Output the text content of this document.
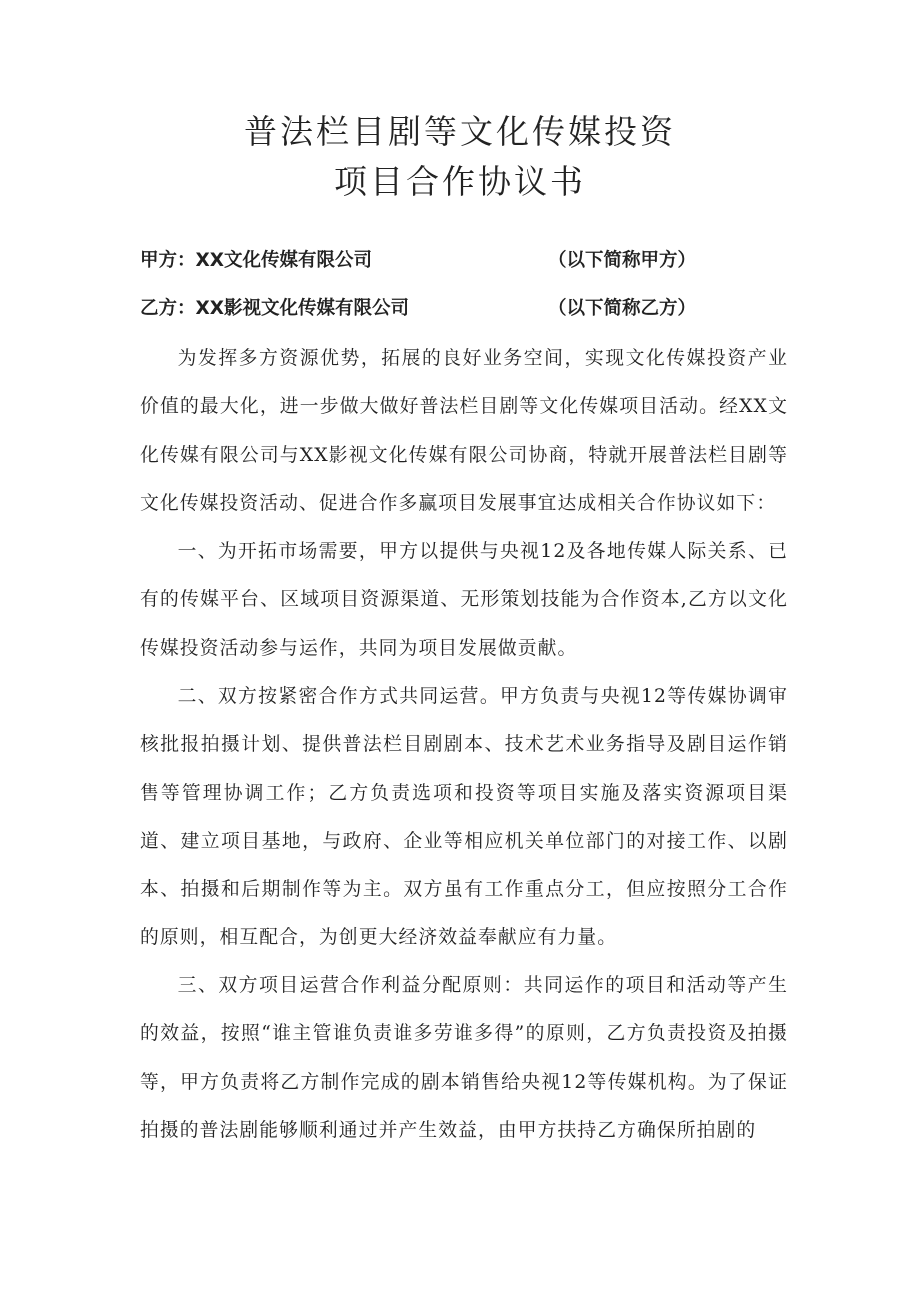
普法栏目剧等文化传媒投资
项目合作协议书
甲方：XX文化传媒有限公司	（以下简称甲方）
乙方：XX影视文化传媒有限公司	（以下简称乙方）

为发挥多方资源优势，拓展的良好业务空间，实现文化传媒投资产业价值的最大化，进一步做大做好普法栏目剧等文化传媒项目活动。经XX文化传媒有限公司与XX影视文化传媒有限公司协商，特就开展普法栏目剧等文化传媒投资活动、促进合作多赢项目发展事宜达成相关合作协议如下：

一、为开拓市场需要，甲方以提供与央视12及各地传媒人际关系、已有的传媒平台、区域项目资源渠道、无形策划技能为合作资本,乙方以文化传媒投资活动参与运作，共同为项目发展做贡献。

二、双方按紧密合作方式共同运营。甲方负责与央视12等传媒协调审核批报拍摄计划、提供普法栏目剧剧本、技术艺术业务指导及剧目运作销售等管理协调工作；乙方负责选项和投资等项目实施及落实资源项目渠道、建立项目基地，与政府、企业等相应机关单位部门的对接工作、以剧本、拍摄和后期制作等为主。双方虽有工作重点分工，但应按照分工合作的原则，相互配合，为创更大经济效益奉献应有力量。

三、双方项目运营合作利益分配原则：共同运作的项目和活动等产生的效益，按照“谁主管谁负责谁多劳谁多得”的原则，乙方负责投资及拍摄等，甲方负责将乙方制作完成的剧本销售给央视12等传媒机构。为了保证拍摄的普法剧能够顺利通过并产生效益，由甲方扶持乙方确保所拍剧的
